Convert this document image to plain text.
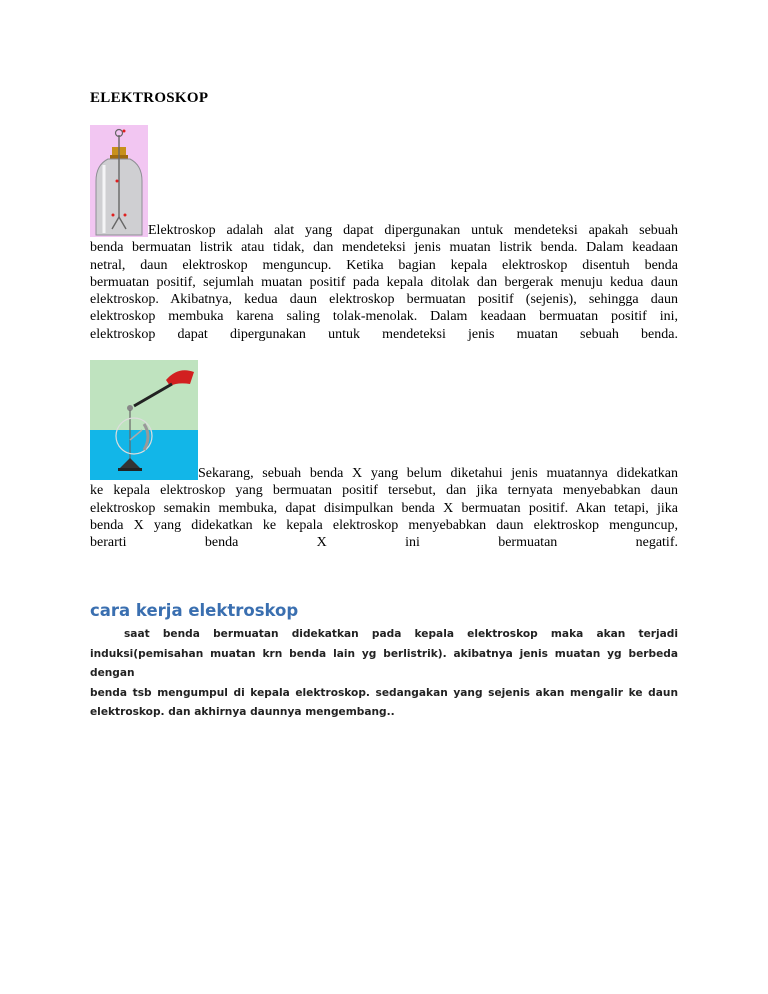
ELEKTROSKOP

Elektroskop adalah alat yang dapat dipergunakan untuk mendeteksi apakah sebuah

benda bermuatan listrik atau tidak, dan mendeteksi jenis muatan listrik benda. Dalam keadaan
netral, daun elektroskop menguncup. Ketika bagian kepala elektroskop disentuh benda
bermuatan positif, sejumlah muatan positif pada kepala ditolak dan bergerak menuju kedua daun
elektroskop. Akibatnya, kedua daun elektroskop bermuatan positif (sejenis), sehingga daun
elektroskop membuka karena saling tolak-menolak. Dalam keadaan bermuatan positif ini,
elektroskop dapat dipergunakan untuk mendeteksi jenis muatan sebuah benda.

Sekarang, sebuah benda X yang belum diketahui jenis muatannya didekatkan

ke kepala elektroskop yang bermuatan positif tersebut, dan jika ternyata menyebabkan daun
elektroskop semakin membuka, dapat disimpulkan benda X bermuatan positif. Akan tetapi, jika
benda X yang didekatkan ke kepala elektroskop menyebabkan daun elektroskop menguncup,
berarti benda X ini bermuatan negatif.

cara kerja elektroskop
saat benda bermuatan didekatkan pada kepala elektroskop maka akan terjadi
induksi(pemisahan muatan krn benda lain yg berlistrik). akibatnya jenis muatan yg berbeda dengan
benda tsb mengumpul di kepala elektroskop. sedangakan yang sejenis akan mengalir ke daun
elektroskop. dan akhirnya daunnya mengembang..
